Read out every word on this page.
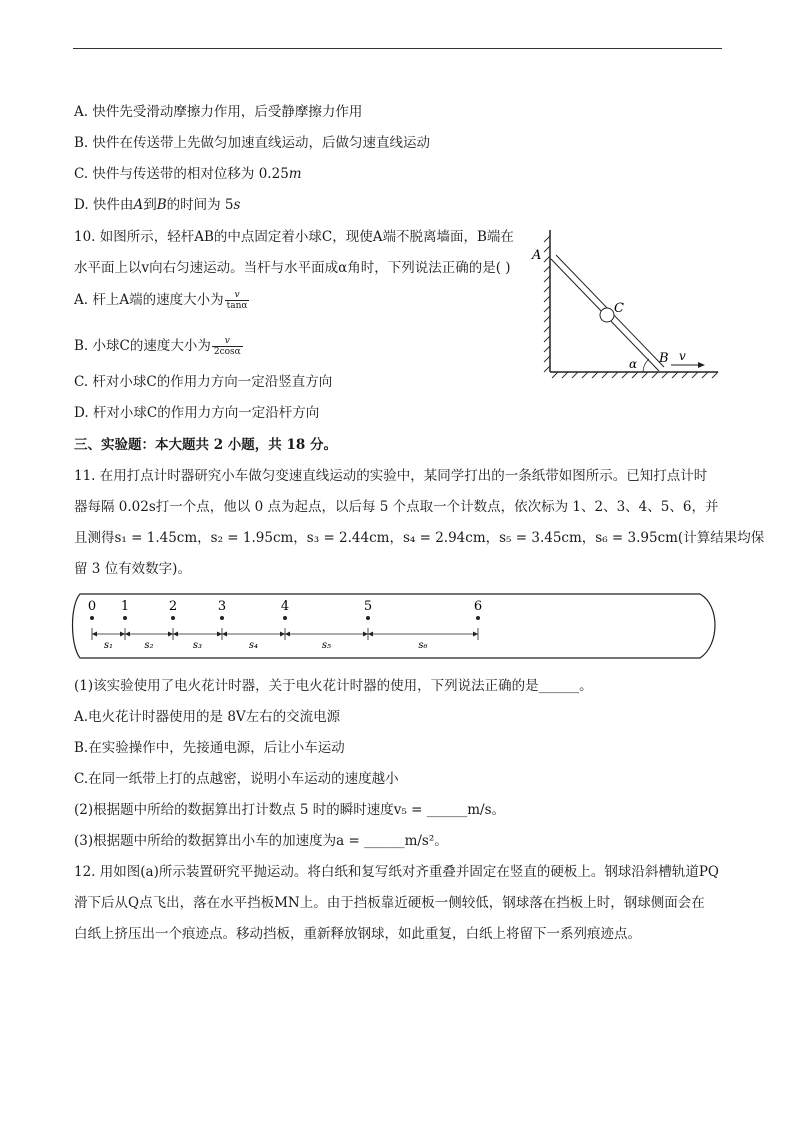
A. 快件先受滑动摩擦力作用，后受静摩擦力作用
B. 快件在传送带上先做匀加速直线运动，后做匀速直线运动
C. 快件与传送带的相对位移为 0.25m
D. 快件由A到B的时间为 5s
10. 如图所示，轻杆AB的中点固定着小球C，现使A端不脱离墙面，B端在
水平面上以v向右匀速运动。当杆与水平面成α角时，下列说法正确的是( )
A. 杆上A端的速度大小为 $\frac{v}{\tan\alpha}$
B. 小球C的速度大小为 $\frac{v}{2\cos\alpha}$
C. 杆对小球C的作用力方向一定沿竖直方向
D. 杆对小球C的作用力方向一定沿杆方向
A
C
B v
α
三、实验题：本大题共 2 小题，共 18 分。
11. 在用打点计时器研究小车做匀变速直线运动的实验中，某同学打出的一条纸带如图所示。已知打点计时
器每隔 0.02s打一个点，他以 0 点为起点，以后每 5 个点取一个计数点，依次标为 1、2、3、4、5、6，并
且测得s₁ = 1.45cm，s₂ = 1.95cm，s₃ = 2.44cm，s₄ = 2.94cm，s₅ = 3.45cm，s₆ = 3.95cm(计算结果均保
留 3 位有效数字)。
0 1	2	3	4	5	6
s₁	s₂	s₃	s₄	s₅	s₆
(1)该实验使用了电火花计时器，关于电火花计时器的使用，下列说法正确的是______。
A.电火花计时器使用的是 8V左右的交流电源
B.在实验操作中，先接通电源，后让小车运动
C.在同一纸带上打的点越密，说明小车运动的速度越小
(2)根据题中所给的数据算出打计数点 5 时的瞬时速度v₅ = ______m/s。
(3)根据题中所给的数据算出小车的加速度为a = ______m/s²。
12. 用如图(a)所示装置研究平抛运动。将白纸和复写纸对齐重叠并固定在竖直的硬板上。钢球沿斜槽轨道PQ
滑下后从Q点飞出，落在水平挡板MN上。由于挡板靠近硬板一侧较低，钢球落在挡板上时，钢球侧面会在
白纸上挤压出一个痕迹点。移动挡板，重新释放钢球，如此重复，白纸上将留下一系列痕迹点。
